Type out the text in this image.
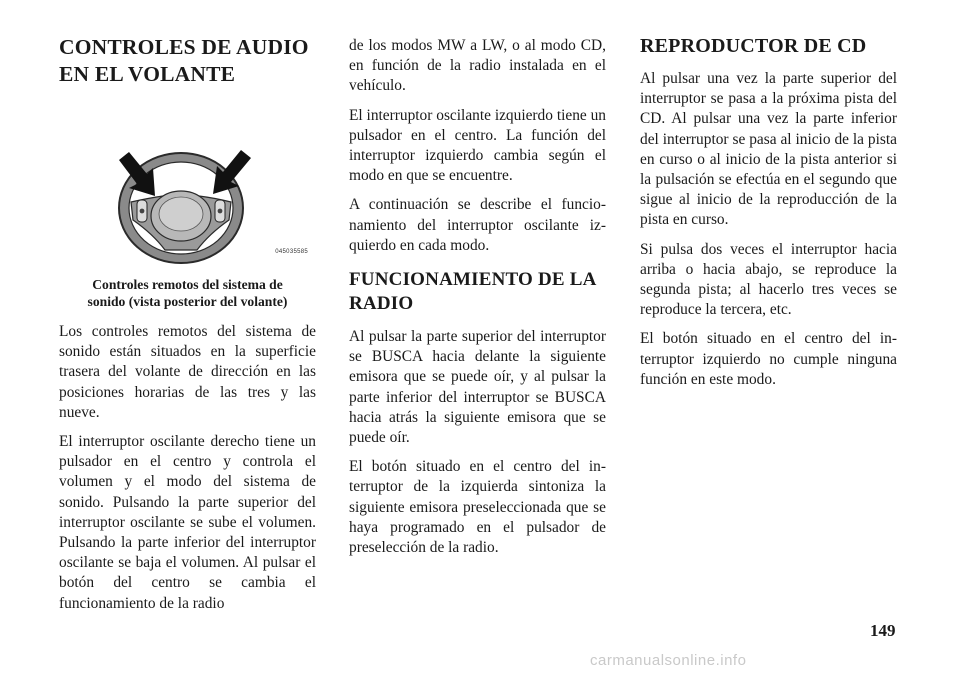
CONTROLES DE AUDIO
EN EL VOLANTE
045035585
Controles remotos del sistema de
sonido (vista posterior del volante)

Los controles remotos del sistema de sonido están situados en la superficie trasera del volante de dirección en las posiciones horarias de las tres y las nueve.

El interruptor oscilante derecho tiene un pulsador en el centro y controla el volumen y el modo del sistema de sonido. Pulsando la parte superior del interruptor oscilante se sube el volumen. Pulsando la parte inferior del interruptor oscilante se baja el volumen. Al pulsar el botón del centro se cambia el funcionamiento de la radio

de los modos MW a LW, o al modo CD, en función de la radio instalada en el vehículo.

El interruptor oscilante izquierdo tiene un pulsador en el centro. La función del interruptor izquierdo cambia según el modo en que se encuentre.

A continuación se describe el funcionamiento del interruptor oscilante izquierdo en cada modo.

FUNCIONAMIENTO DE LA
RADIO

Al pulsar la parte superior del interruptor se BUSCA hacia delante la siguiente emisora que se puede oír, y al pulsar la parte inferior del interruptor se BUSCA hacia atrás la siguiente emisora que se puede oír.

El botón situado en el centro del interruptor de la izquierda sintoniza la siguiente emisora preseleccionada que se haya programado en el pulsador de preselección de la radio.

REPRODUCTOR DE CD

Al pulsar una vez la parte superior del interruptor se pasa a la próxima pista del CD. Al pulsar una vez la parte inferior del interruptor se pasa al inicio de la pista en curso o al inicio de la pista anterior si la pulsación se efectúa en el segundo que sigue al inicio de la reproducción de la pista en curso.

Si pulsa dos veces el interruptor hacia arriba o hacia abajo, se reproduce la segunda pista; al hacerlo tres veces se reproduce la tercera, etc.

El botón situado en el centro del interruptor izquierdo no cumple ninguna función en este modo.

149
carmanualsonline.info
